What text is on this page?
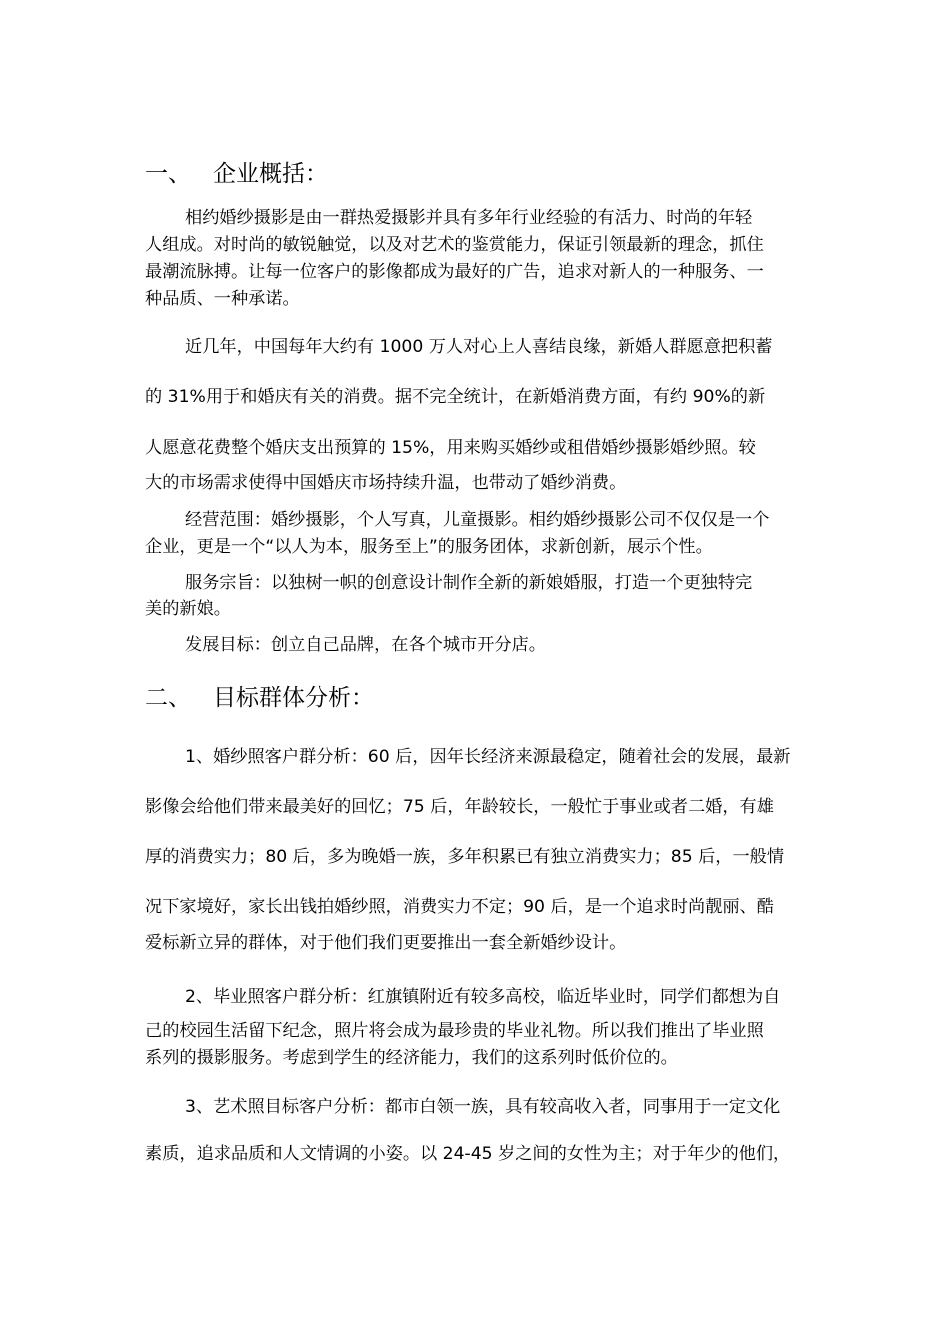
一、 企业概括：
相约婚纱摄影是由一群热爱摄影并具有多年行业经验的有活力、时尚的年轻
人组成。对时尚的敏锐触觉，以及对艺术的鉴赏能力，保证引领最新的理念，抓住
最潮流脉搏。让每一位客户的影像都成为最好的广告，追求对新人的一种服务、一
种品质、一种承诺。
近几年，中国每年大约有 1000 万人对心上人喜结良缘，新婚人群愿意把积蓄
的 31%用于和婚庆有关的消费。据不完全统计，在新婚消费方面，有约 90%的新
人愿意花费整个婚庆支出预算的 15%，用来购买婚纱或租借婚纱摄影婚纱照。较
大的市场需求使得中国婚庆市场持续升温，也带动了婚纱消费。
经营范围：婚纱摄影，个人写真，儿童摄影。相约婚纱摄影公司不仅仅是一个
企业，更是一个“以人为本，服务至上”的服务团体，求新创新，展示个性。
服务宗旨：以独树一帜的创意设计制作全新的新娘婚服，打造一个更独特完
美的新娘。
发展目标：创立自己品牌，在各个城市开分店。
二、 目标群体分析：
1、婚纱照客户群分析：60 后，因年长经济来源最稳定，随着社会的发展，最新
影像会给他们带来最美好的回忆；75 后，年龄较长，一般忙于事业或者二婚，有雄
厚的消费实力；80 后，多为晚婚一族，多年积累已有独立消费实力；85 后，一般情
况下家境好，家长出钱拍婚纱照，消费实力不定；90 后，是一个追求时尚靓丽、酷
爱标新立异的群体，对于他们我们更要推出一套全新婚纱设计。
2、毕业照客户群分析：红旗镇附近有较多高校，临近毕业时，同学们都想为自
己的校园生活留下纪念，照片将会成为最珍贵的毕业礼物。所以我们推出了毕业照
系列的摄影服务。考虑到学生的经济能力，我们的这系列时低价位的。
3、艺术照目标客户分析：都市白领一族，具有较高收入者，同事用于一定文化
素质，追求品质和人文情调的小姿。以 24-45 岁之间的女性为主；对于年少的他们，
